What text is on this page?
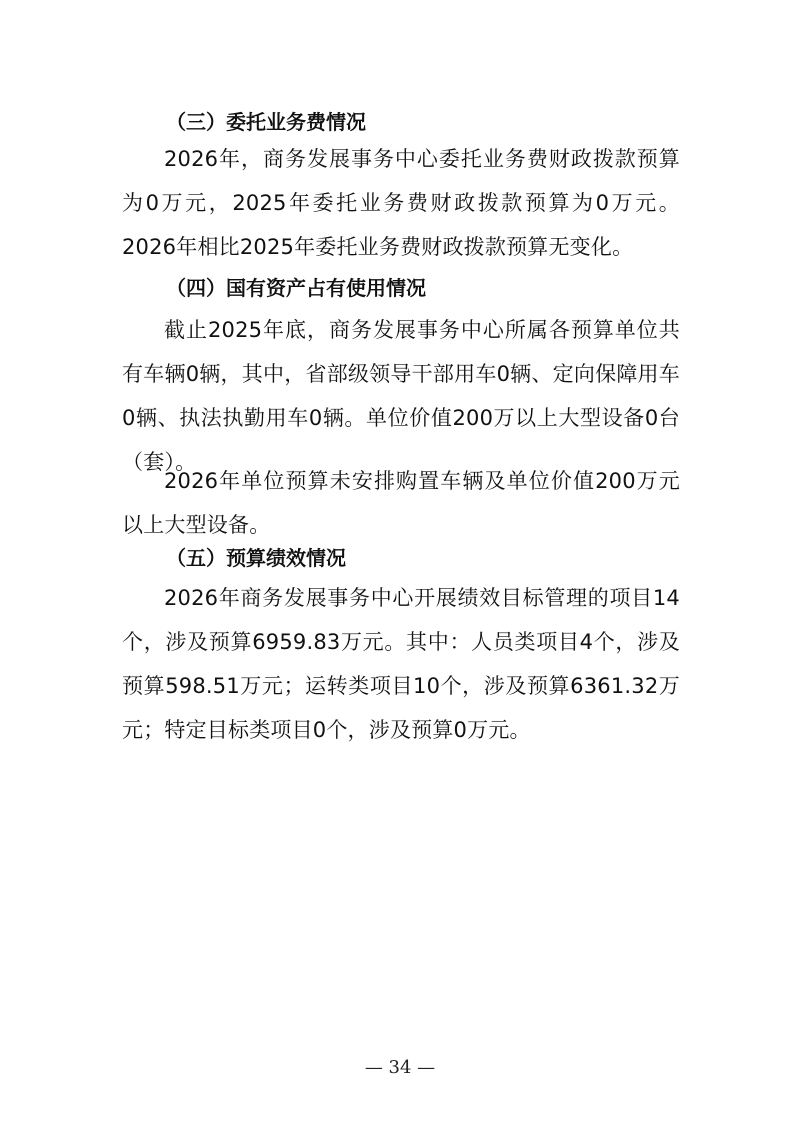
（三）委托业务费情况

2026年，商务发展事务中心委托业务费财政拨款预算为0万元，2025年委托业务费财政拨款预算为0万元。2026年相比2025年委托业务费财政拨款预算无变化。

（四）国有资产占有使用情况

截止2025年底，商务发展事务中心所属各预算单位共有车辆0辆，其中，省部级领导干部用车0辆、定向保障用车0辆、执法执勤用车0辆。单位价值200万以上大型设备0台（套）。

2026年单位预算未安排购置车辆及单位价值200万元以上大型设备。

（五）预算绩效情况

2026年商务发展事务中心开展绩效目标管理的项目14个，涉及预算6959.83万元。其中：人员类项目4个，涉及预算598.51万元；运转类项目10个，涉及预算6361.32万元；特定目标类项目0个，涉及预算0万元。

— 34 —
